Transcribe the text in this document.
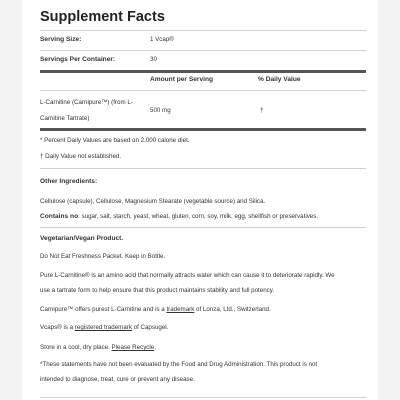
Supplement Facts
Serving Size:	1 Vcap®
Servings Per Container:	30
Amount per Serving	% Daily Value
L-Carnitine (Carnipure™) (from L-
Carnitine Tartrate)
500 mg	†
* Percent Daily Values are based on 2,000 calorie diet.
† Daily Value not established.
Other Ingredients:
Cellulose (capsule), Cellulose, Magnesium Stearate (vegetable source) and Silica.
Contains no: sugar, salt, starch, yeast, wheat, gluten, corn, soy, milk, egg, shellfish or preservatives.
Vegetarian/Vegan Product.
Do Not Eat Freshness Packet. Keep in Bottle.
Pure L-Carnitine® is an amino acid that normally attracts water which can cause it to deteriorate rapidly. We
use a tartrate form to help ensure that this product maintains stability and full potency.
Carnipure™ offers purest L-Carnitine and is a trademark of Lonza, Ltd., Switzerland.
Vcaps® is a registered trademark of Capsugel.
Store in a cool, dry place. Please Recycle.
*These statements have not been evaluated by the Food and Drug Administration. This product is not
intended to diagnose, treat, cure or prevent any disease.
